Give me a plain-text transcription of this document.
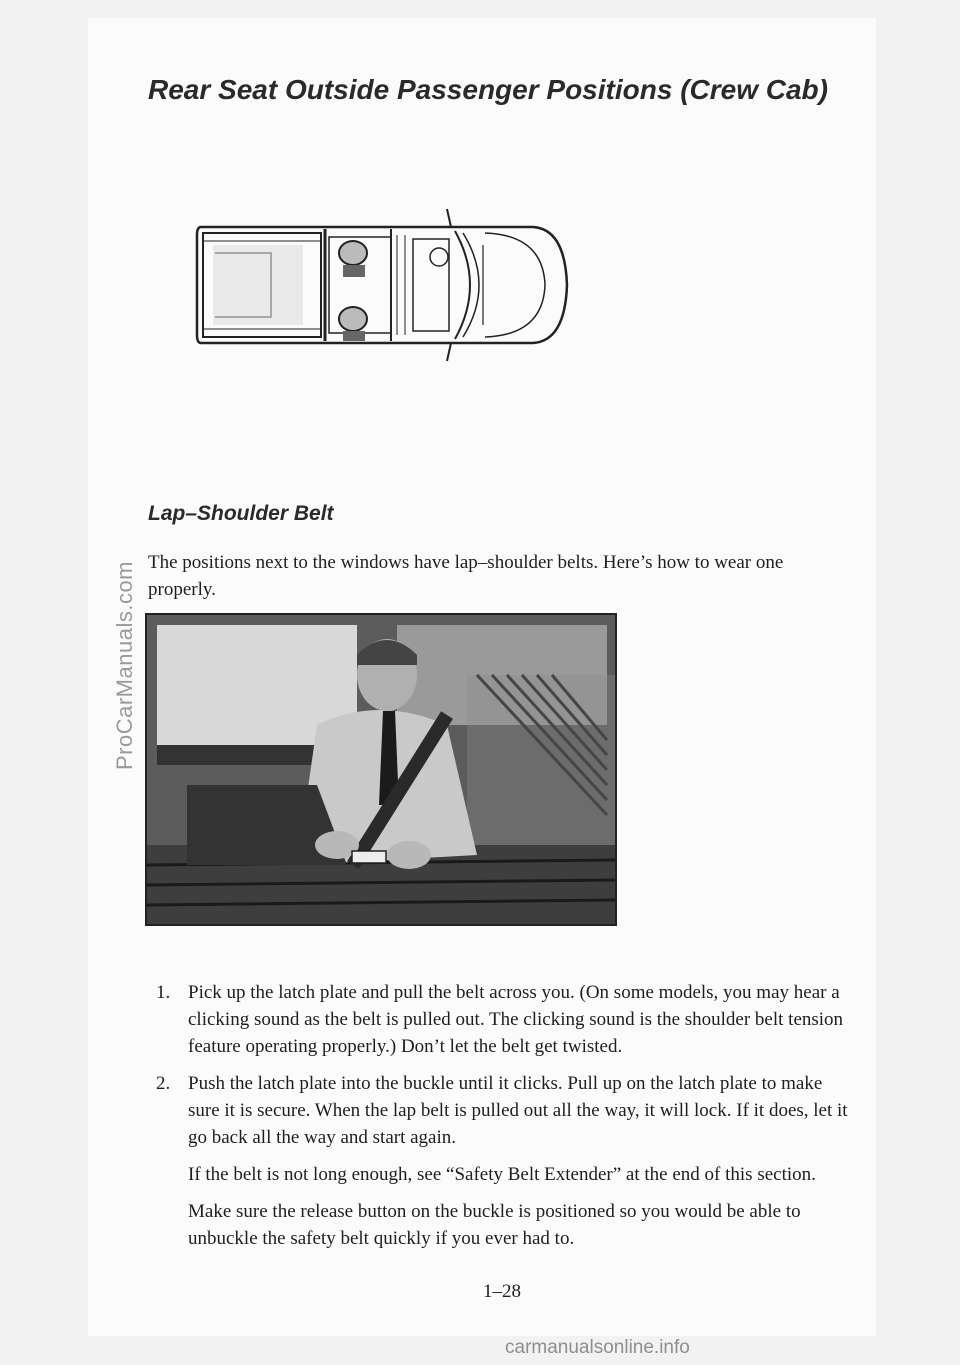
ProCarManuals.com
Rear Seat Outside Passenger Positions (Crew Cab)
Lap–Shoulder Belt

The positions next to the windows have lap–shoulder belts. Here’s how to wear one properly.

1. Pick up the latch plate and pull the belt across you. (On some models, you may hear a clicking sound as the belt is pulled out. The clicking sound is the shoulder belt tension feature operating properly.) Don’t let the belt get twisted.

2. Push the latch plate into the buckle until it clicks. Pull up on the latch plate to make sure it is secure. When the lap belt is pulled out all the way, it will lock. If it does, let it go back all the way and start again.

If the belt is not long enough, see “Safety Belt Extender” at the end of this section.

Make sure the release button on the buckle is positioned so you would be able to unbuckle the safety belt quickly if you ever had to.

1–28
carmanualsonline.info
